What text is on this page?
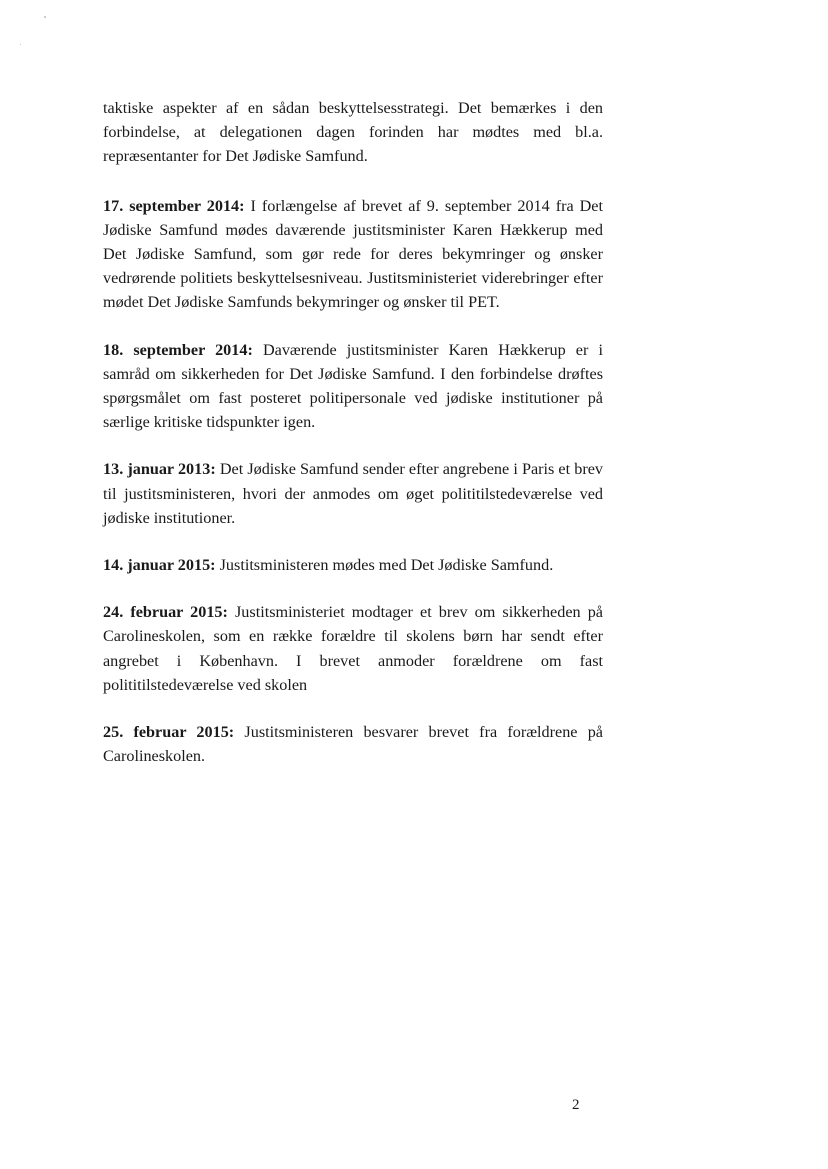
taktiske aspekter af en sådan beskyttelsesstrategi. Det bemærkes i den forbindelse, at delegationen dagen forinden har mødtes med bl.a. repræsentanter for Det Jødiske Samfund.

17. september 2014: I forlængelse af brevet af 9. september 2014 fra Det Jødiske Samfund mødes daværende justitsminister Karen Hækkerup med Det Jødiske Samfund, som gør rede for deres bekymringer og ønsker vedrørende politiets beskyttelsesniveau. Justitsministeriet viderebringer efter mødet Det Jødiske Samfunds bekymringer og ønsker til PET.

18. september 2014: Daværende justitsminister Karen Hækkerup er i samråd om sikkerheden for Det Jødiske Samfund. I den forbindelse drøftes spørgsmålet om fast posteret politipersonale ved jødiske institutioner på særlige kritiske tidspunkter igen.

13. januar 2013: Det Jødiske Samfund sender efter angrebene i Paris et brev til justitsministeren, hvori der anmodes om øget polititilstedeværelse ved jødiske institutioner.

14. januar 2015: Justitsministeren mødes med Det Jødiske Samfund.

24. februar 2015: Justitsministeriet modtager et brev om sikkerheden på Carolineskolen, som en række forældre til skolens børn har sendt efter angrebet i København. I brevet anmoder forældrene om fast polititilstedeværelse ved skolen

25. februar 2015: Justitsministeren besvarer brevet fra forældrene på Carolineskolen.

2
